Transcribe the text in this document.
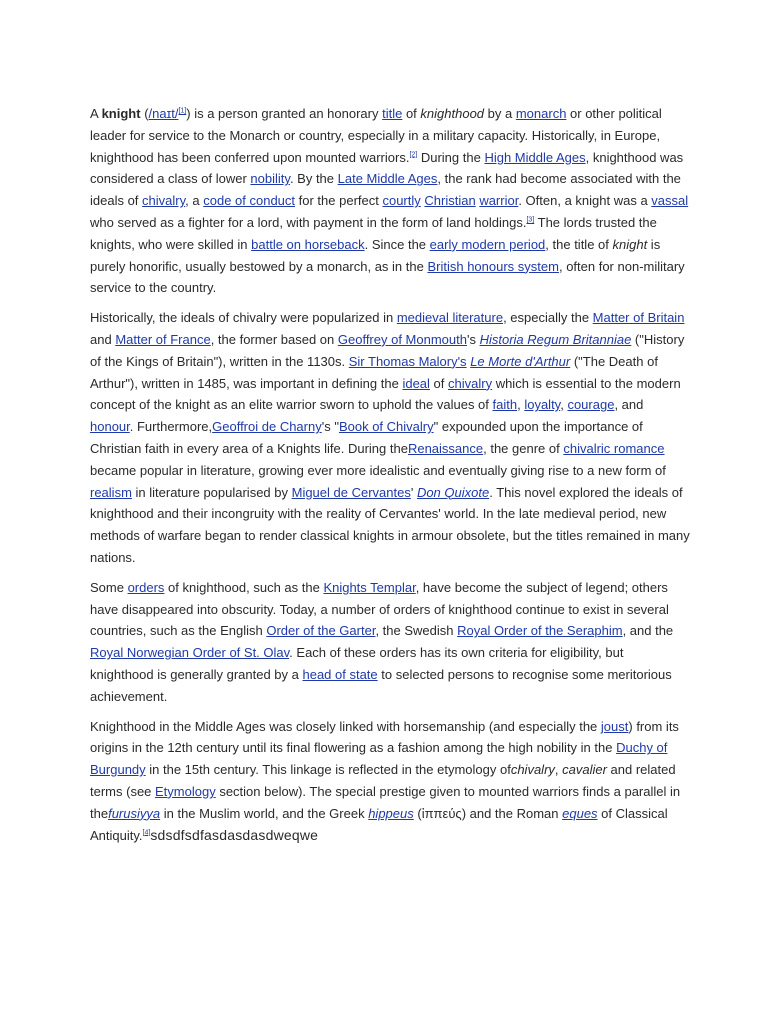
A knight (/naɪt/[1]) is a person granted an honorary title of knighthood by a monarch or other political leader for service to the Monarch or country, especially in a military capacity. Historically, in Europe, knighthood has been conferred upon mounted warriors.[2] During the High Middle Ages, knighthood was considered a class of lower nobility. By the Late Middle Ages, the rank had become associated with the ideals of chivalry, a code of conduct for the perfect courtly Christian warrior. Often, a knight was a vassal who served as a fighter for a lord, with payment in the form of land holdings.[3] The lords trusted the knights, who were skilled in battle on horseback. Since the early modern period, the title of knight is purely honorific, usually bestowed by a monarch, as in the British honours system, often for non-military service to the country.

Historically, the ideals of chivalry were popularized in medieval literature, especially the Matter of Britain and Matter of France, the former based on Geoffrey of Monmouth's Historia Regum Britanniae ("History of the Kings of Britain"), written in the 1130s. Sir Thomas Malory's Le Morte d'Arthur ("The Death of Arthur"), written in 1485, was important in defining the ideal of chivalry which is essential to the modern concept of the knight as an elite warrior sworn to uphold the values of faith, loyalty, courage, and honour. Furthermore,Geoffroi de Charny's "Book of Chivalry" expounded upon the importance of Christian faith in every area of a Knights life. During theRenaissance, the genre of chivalric romance became popular in literature, growing ever more idealistic and eventually giving rise to a new form of realism in literature popularised by Miguel de Cervantes' Don Quixote. This novel explored the ideals of knighthood and their incongruity with the reality of Cervantes' world. In the late medieval period, new methods of warfare began to render classical knights in armour obsolete, but the titles remained in many nations.

Some orders of knighthood, such as the Knights Templar, have become the subject of legend; others have disappeared into obscurity. Today, a number of orders of knighthood continue to exist in several countries, such as the English Order of the Garter, the Swedish Royal Order of the Seraphim, and the Royal Norwegian Order of St. Olav. Each of these orders has its own criteria for eligibility, but knighthood is generally granted by a head of state to selected persons to recognise some meritorious achievement.

Knighthood in the Middle Ages was closely linked with horsemanship (and especially the joust) from its origins in the 12th century until its final flowering as a fashion among the high nobility in the Duchy of Burgundy in the 15th century. This linkage is reflected in the etymology ofchivalry, cavalier and related terms (see Etymology section below). The special prestige given to mounted warriors finds a parallel in thefurusiyya in the Muslim world, and the Greek hippeus (ἱππεύς) and the Roman eques of Classical Antiquity.[4]sdsdfsdfasdasdasdweqwe
